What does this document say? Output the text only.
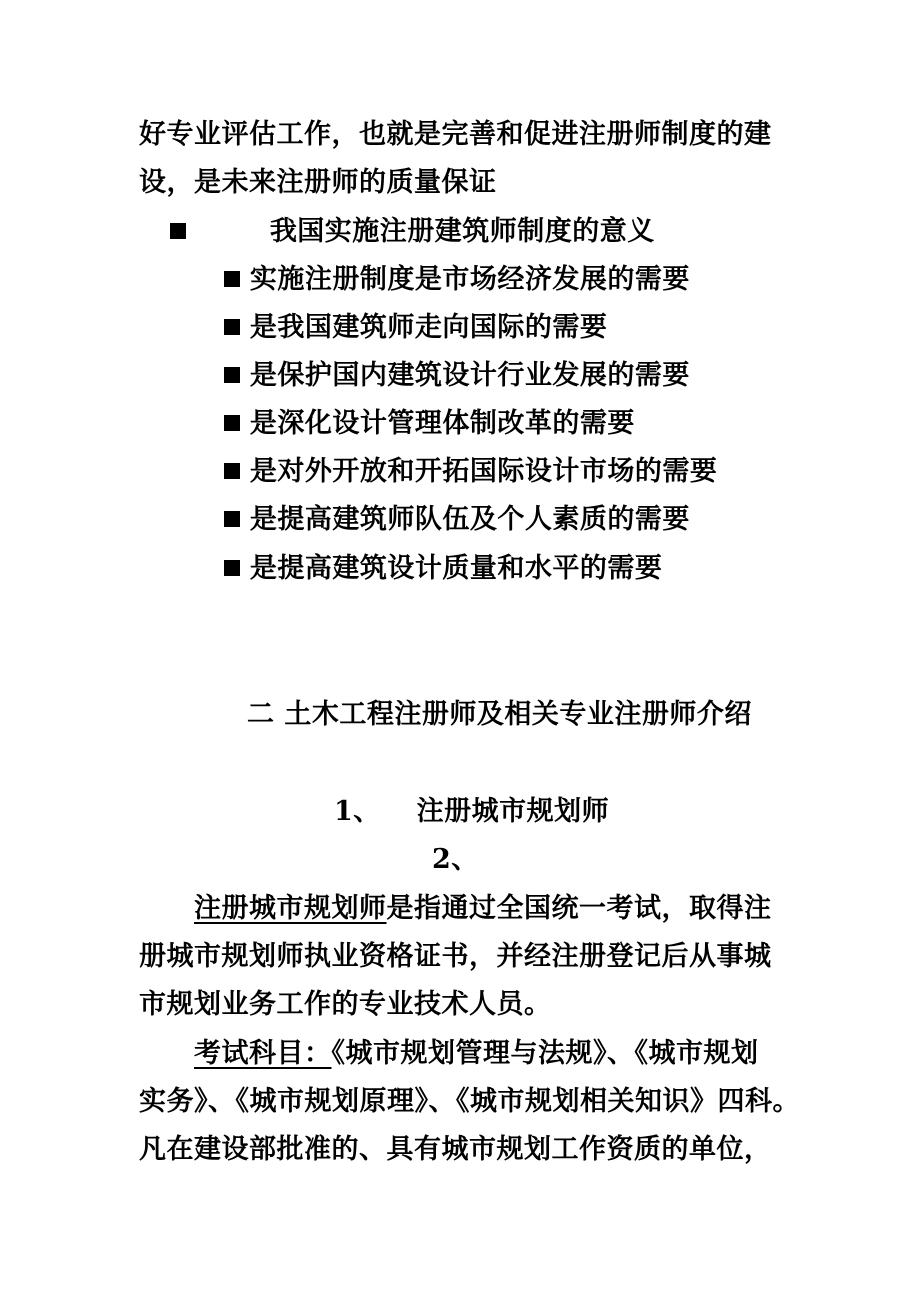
好专业评估工作，也就是完善和促进注册师制度的建
设，是未来注册师的质量保证
我国实施注册建筑师制度的意义
实施注册制度是市场经济发展的需要
是我国建筑师走向国际的需要
是保护国内建筑设计行业发展的需要
是深化设计管理体制改革的需要
是对外开放和开拓国际设计市场的需要
是提高建筑师队伍及个人素质的需要
是提高建筑设计质量和水平的需要
二 土木工程注册师及相关专业注册师介绍
1、 注册城市规划师
2、
注册城市规划师是指通过全国统一考试，取得注
册城市规划师执业资格证书，并经注册登记后从事城
市规划业务工作的专业技术人员。
考试科目：《城市规划管理与法规》、《城市规划
实务》、《城市规划原理》、《城市规划相关知识》四科。
凡在建设部批准的、具有城市规划工作资质的单位，
